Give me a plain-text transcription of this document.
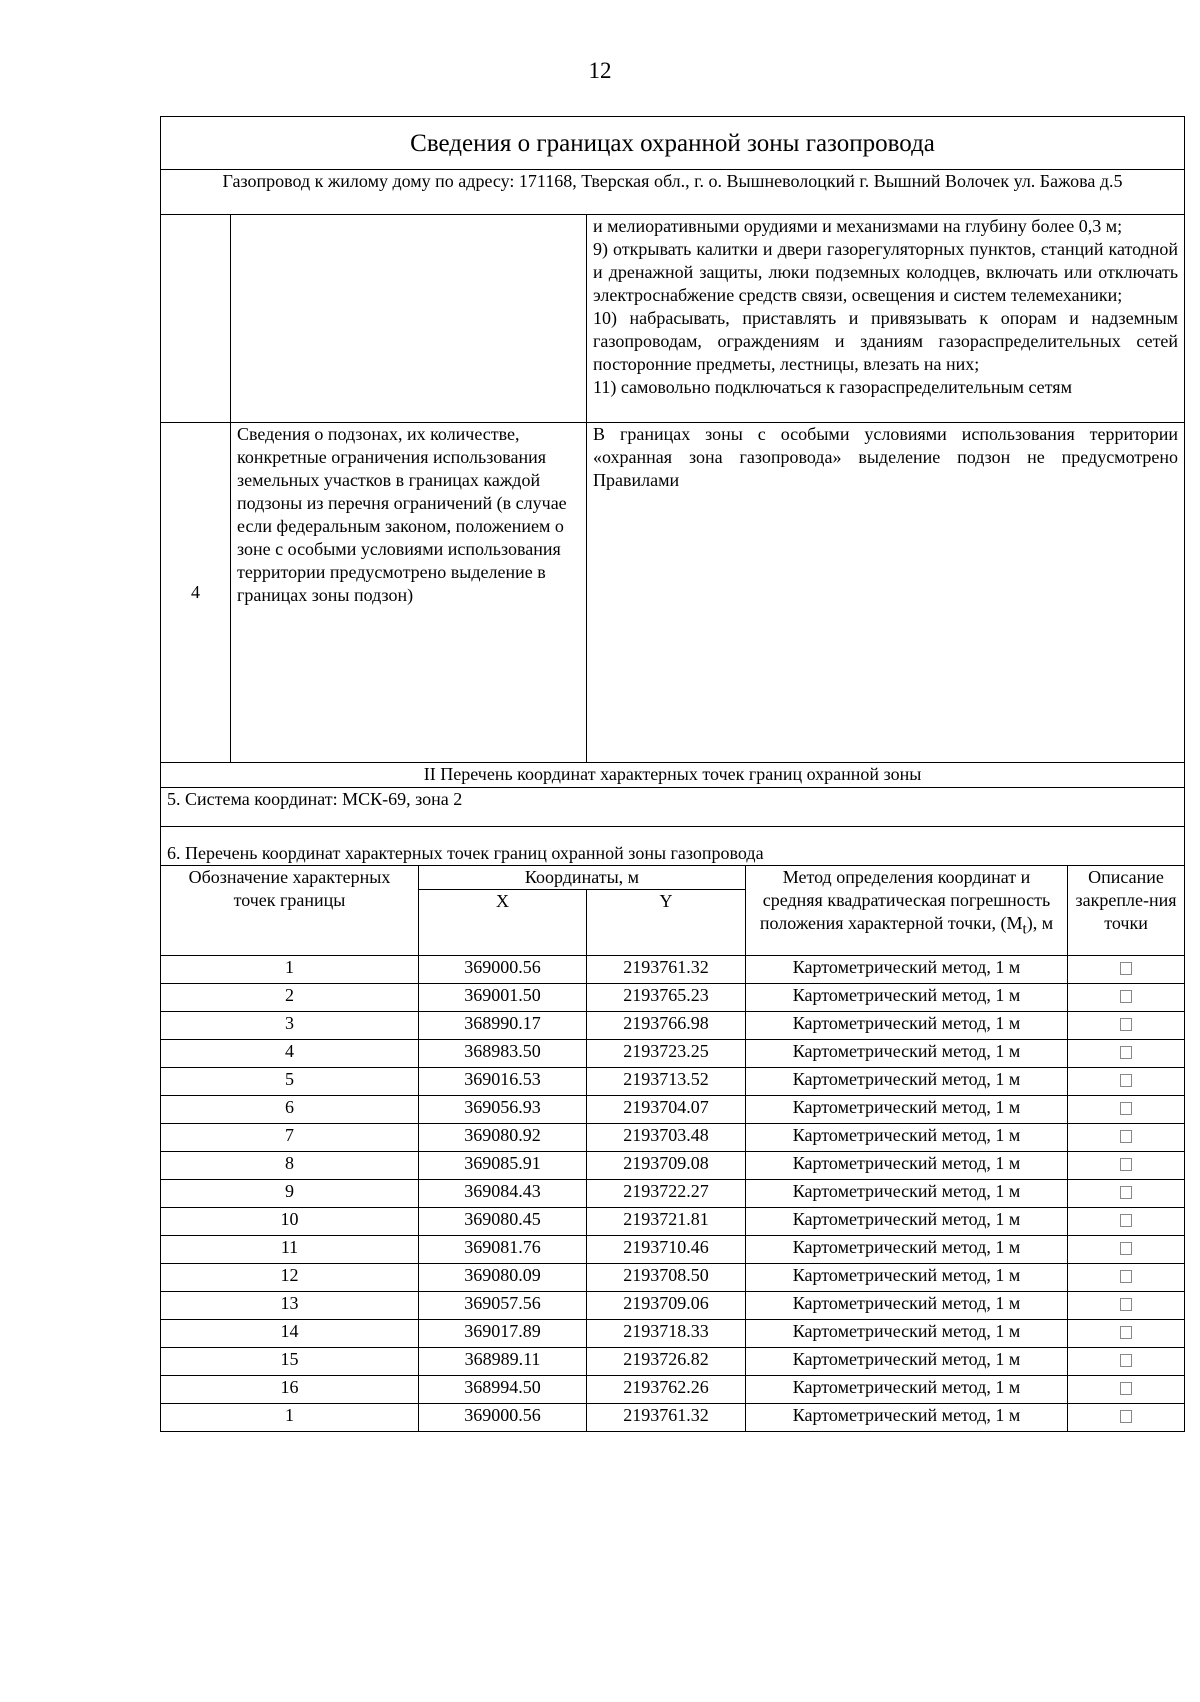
12
Сведения о границах охранной зоны газопровода					
Газопровод к жилому дому по адресу: 171168, Тверская обл., г. о. Вышневолоцкий г. Вышний Волочек ул. Бажова д.5					

			и мелиоративными орудиями и механизмами на глубину более 0,3 м;
9) открывать калитки и двери газорегуляторных пунктов, станций катодной и дренажной защиты, люки подземных колодцев, включать или отключать электроснабжение средств связи, освещения и систем телемеханики;
10) набрасывать, приставлять и привязывать к опорам и надземным газопроводам, ограждениям и зданиям газораспределительных сетей посторонние предметы, лестницы, влезать на них;
11) самовольно подключаться к газораспределительным сетям		

4	Сведения о подзонах, их количестве, конкретные ограничения использования земельных участков в границах каждой подзоны из перечня ограничений (в случае если федеральным законом, положением о зоне с особыми условиями использования территории предусмотрено выделение в границах зоны подзон)		В границах зоны с особыми условиями использования территории «охранная зона газопровода» выделение подзон не предусмотрено Правилами		
II Перечень координат характерных точек границ охранной зоны					
5. Система координат: МСК-69, зона 2					
6. Перечень координат характерных точек границ охранной зоны газопровода					
Обозначение характерных точек границы		Координаты, м		Метод определения координат и средняя квадратическая погрешность положения характерной точки, $(M_t)$, м	Описание закрепле-ния точки
		X	Y		
1		369000.56	2193761.32	Картометрический метод, 1 м	
2		369001.50	2193765.23	Картометрический метод, 1 м	
3		368990.17	2193766.98	Картометрический метод, 1 м	
4		368983.50	2193723.25	Картометрический метод, 1 м	
5		369016.53	2193713.52	Картометрический метод, 1 м	
6		369056.93	2193704.07	Картометрический метод, 1 м	
7		369080.92	2193703.48	Картометрический метод, 1 м	
8		369085.91	2193709.08	Картометрический метод, 1 м	
9		369084.43	2193722.27	Картометрический метод, 1 м	
10		369080.45	2193721.81	Картометрический метод, 1 м	
11		369081.76	2193710.46	Картометрический метод, 1 м	
12		369080.09	2193708.50	Картометрический метод, 1 м	
13		369057.56	2193709.06	Картометрический метод, 1 м	
14		369017.89	2193718.33	Картометрический метод, 1 м	
15		368989.11	2193726.82	Картометрический метод, 1 м	
16		368994.50	2193762.26	Картометрический метод, 1 м	
1		369000.56	2193761.32	Картометрический метод, 1 м	
